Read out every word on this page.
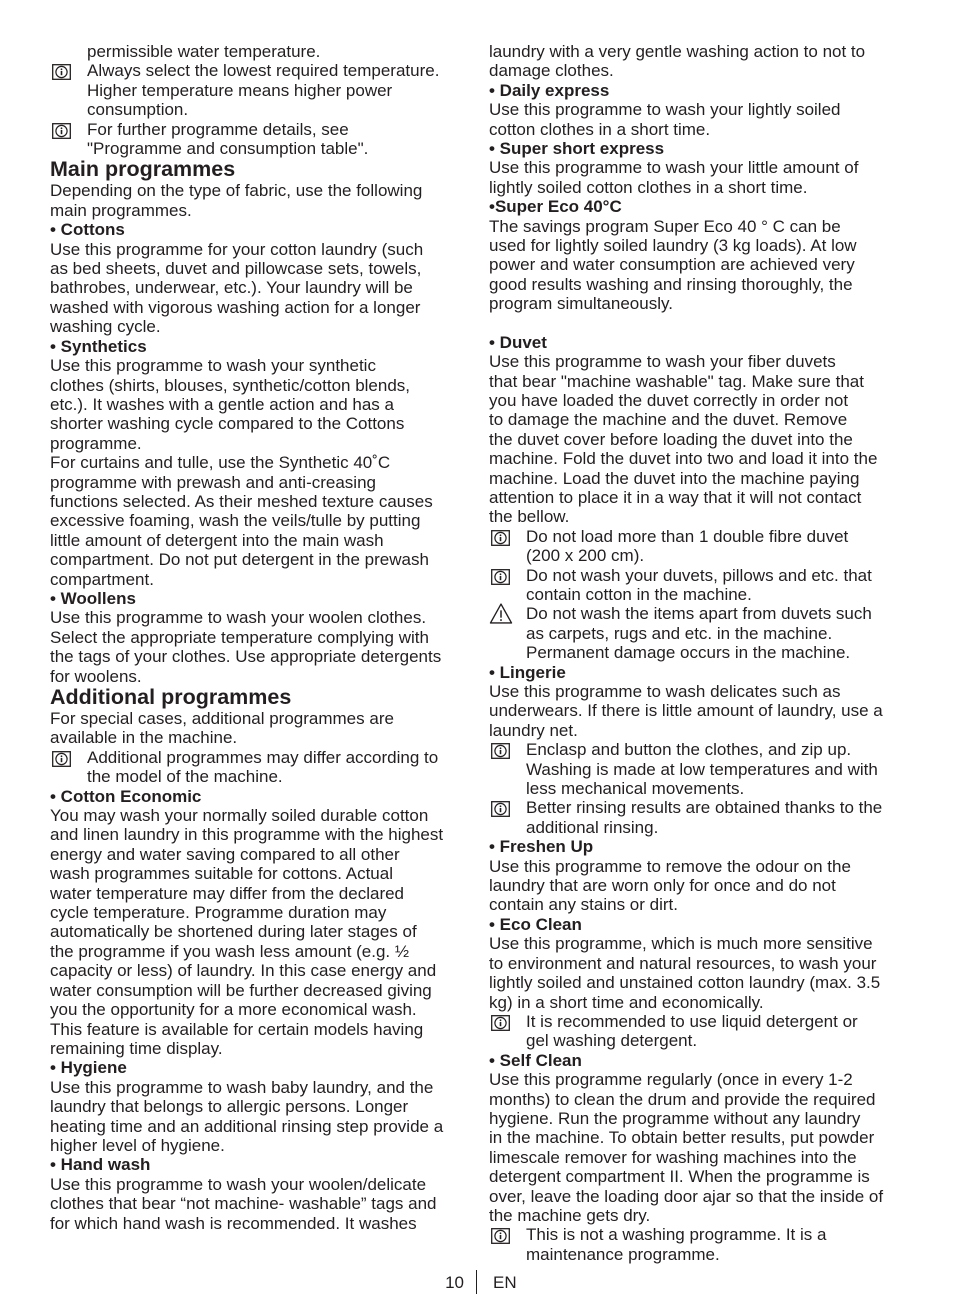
permissible water temperature.

Always select the lowest required temperature.
Higher temperature means higher power
consumption.

For further programme details, see
"Programme and consumption table".

Main programmes

Depending on the type of fabric, use the following
main programmes.

• Cottons

Use this programme for your cotton laundry (such
as bed sheets, duvet and pillowcase sets, towels,
bathrobes, underwear, etc.). Your laundry will be
washed with vigorous washing action for a longer
washing cycle.

• Synthetics

Use this programme to wash your synthetic
clothes (shirts, blouses, synthetic/cotton blends,
etc.). It washes with a gentle action and has a
shorter washing cycle compared to the Cottons
programme.
For curtains and tulle, use the Synthetic 40˚C
programme with prewash and anti-creasing
functions selected. As their meshed texture causes
excessive foaming, wash the veils/tulle by putting
little amount of detergent into the main wash
compartment. Do not put detergent in the prewash
compartment.

• Woollens

Use this programme to wash your woolen clothes.
Select the appropriate temperature complying with
the tags of your clothes. Use appropriate detergents
for woolens.

Additional programmes

For special cases, additional programmes are
available in the machine.

Additional programmes may differ according to
the model of the machine.

• Cotton Economic

You may wash your normally soiled durable cotton
and linen laundry in this programme with the highest
energy and water saving compared to all other
wash programmes suitable for cottons. Actual
water temperature may differ from the declared
cycle temperature. Programme duration may
automatically be shortened during later stages of
the programme if you wash less amount (e.g. ½
capacity or less) of laundry. In this case energy and
water consumption will be further decreased giving
you the opportunity for a more economical wash.
This feature is available for certain models having
remaining time display.

• Hygiene

Use this programme to wash baby laundry, and the
laundry that belongs to allergic persons. Longer
heating time and an additional rinsing step provide a
higher level of hygiene.

• Hand wash

Use this programme to wash your woolen/delicate
clothes that bear “not machine- washable” tags and
for which hand wash is recommended. It washes

laundry with a very gentle washing action to not to
damage clothes.

• Daily express

Use this programme to wash your lightly soiled
cotton clothes in a short time.

• Super short express

Use this programme to wash your little amount of
lightly soiled cotton clothes in a short time.

•Super Eco 40°C

The savings program Super Eco 40 ° C can be
used for lightly soiled laundry (3 kg loads). At low
power and water consumption are achieved very
good results washing and rinsing thoroughly, the
program simultaneously.

• Duvet

Use this programme to wash your fiber duvets
that bear "machine washable" tag. Make sure that
you have loaded the duvet correctly in order not
to damage the machine and the duvet. Remove
the duvet cover before loading the duvet into the
machine. Fold the duvet into two and load it into the
machine. Load the duvet into the machine paying
attention to place it in a way that it will not contact
the bellow.

Do not load more than 1 double fibre duvet
(200 x 200 cm).

Do not wash your duvets, pillows and etc. that
contain cotton in the machine.

Do not wash the items apart from duvets such
as carpets, rugs and etc. in the machine.
Permanent damage occurs in the machine.

• Lingerie

Use this programme to wash delicates such as
underwears. If there is little amount of laundry, use a
laundry net.

Enclasp and button the clothes, and zip up.
Washing is made at low temperatures and with
less mechanical movements.

Better rinsing results are obtained thanks to the
additional rinsing.

• Freshen Up

Use this programme to remove the odour on the
laundry that are worn only for once and do not
contain any stains or dirt.

• Eco Clean

Use this programme, which is much more sensitive
to environment and natural resources, to wash your
lightly soiled and unstained cotton laundry (max. 3.5
kg) in a short time and economically.

It is recommended to use liquid detergent or
gel washing detergent.

• Self Clean

Use this programme regularly (once in every 1-2
months) to clean the drum and provide the required
hygiene. Run the programme without any laundry
in the machine. To obtain better results, put powder
limescale remover for washing machines into the
detergent compartment II. When the programme is
over, leave the loading door ajar so that the inside of
the machine gets dry.

This is not a washing programme. It is a
maintenance programme.

10 EN
